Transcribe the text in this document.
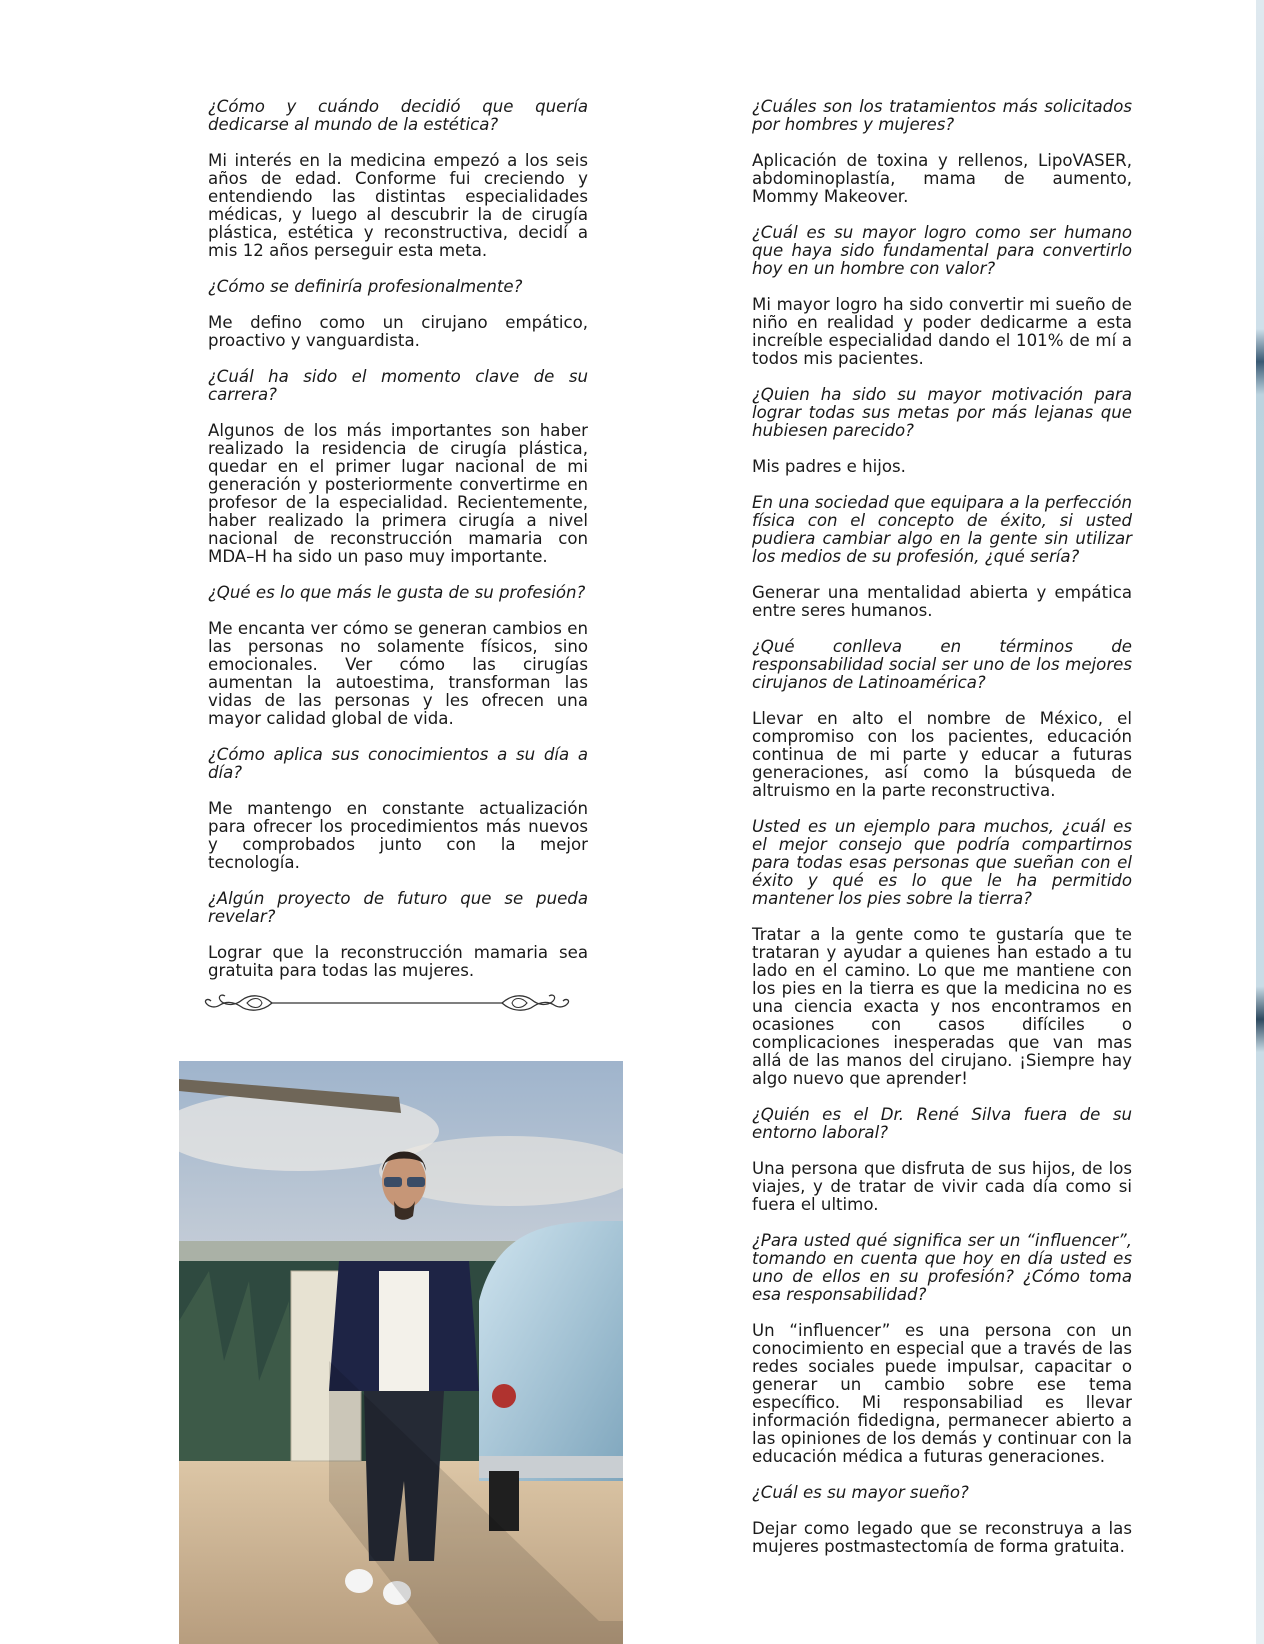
¿Cómo y cuándo decidió que quería dedicarse al mundo de la estética?

Mi interés en la medicina empezó a los seis años de edad. Conforme fui creciendo y entendiendo las distintas especialidades médicas, y luego al descubrir la de cirugía plástica, estética y reconstructiva, decidí a mis 12 años perseguir esta meta.

¿Cómo se definiría profesionalmente?

Me defino como un cirujano empático, proactivo y vanguardista.

¿Cuál ha sido el momento clave de su carrera?

Algunos de los más importantes son haber realizado la residencia de cirugía plástica, quedar en el primer lugar nacional de mi generación y posteriormente convertirme en profesor de la especialidad. Recientemente, haber realizado la primera cirugía a nivel nacional de reconstrucción mamaria con MDA–H ha sido un paso muy importante.

¿Qué es lo que más le gusta de su profesión?

Me encanta ver cómo se generan cambios en las personas no solamente físicos, sino emocionales. Ver cómo las cirugías aumentan la autoestima, transforman las vidas de las personas y les ofrecen una mayor calidad global de vida.

¿Cómo aplica sus conocimientos a su día a día?

Me mantengo en constante actualización para ofrecer los procedimientos más nuevos y comprobados junto con la mejor tecnología.

¿Algún proyecto de futuro que se pueda revelar?

Lograr que la reconstrucción mamaria sea gratuita para todas las mujeres.

¿Cuáles son los tratamientos más solicitados por hombres y mujeres?

Aplicación de toxina y rellenos, LipoVASER, abdominoplastía, mama de aumento, Mommy Makeover.

¿Cuál es su mayor logro como ser humano que haya sido fundamental para convertirlo hoy en un hombre con valor?

Mi mayor logro ha sido convertir mi sueño de niño en realidad y poder dedicarme a esta increíble especialidad dando el 101% de mí a todos mis pacientes.

¿Quien ha sido su mayor motivación para lograr todas sus metas por más lejanas que hubiesen parecido?

Mis padres e hijos.

En una sociedad que equipara a la perfección física con el concepto de éxito, si usted pudiera cambiar algo en la gente sin utilizar los medios de su profesión, ¿qué sería?

Generar una mentalidad abierta y empática entre seres humanos.

¿Qué conlleva en términos de responsabilidad social ser uno de los mejores cirujanos de Latinoamérica?

Llevar en alto el nombre de México, el compromiso con los pacientes, educación continua de mi parte y educar a futuras generaciones, así como la búsqueda de altruismo en la parte reconstructiva.

Usted es un ejemplo para muchos, ¿cuál es el mejor consejo que podría compartirnos para todas esas personas que sueñan con el éxito y qué es lo que le ha permitido mantener los pies sobre la tierra?

Tratar a la gente como te gustaría que te trataran y ayudar a quienes han estado a tu lado en el camino. Lo que me mantiene con los pies en la tierra es que la medicina no es una ciencia exacta y nos encontramos en ocasiones con casos difíciles o complicaciones inesperadas que van mas allá de las manos del cirujano. ¡Siempre hay algo nuevo que aprender!

¿Quién es el Dr. René Silva fuera de su entorno laboral?

Una persona que disfruta de sus hijos, de los viajes, y de tratar de vivir cada día como si fuera el ultimo.

¿Para usted qué significa ser un “influencer”, tomando en cuenta que hoy en día usted es uno de ellos en su profesión? ¿Cómo toma esa responsabilidad?

Un “influencer” es una persona con un conocimiento en especial que a través de las redes sociales puede impulsar, capacitar o generar un cambio sobre ese tema específico. Mi responsabiliad es llevar información fidedigna, permanecer abierto a las opiniones de los demás y continuar con la educación médica a futuras generaciones.

¿Cuál es su mayor sueño?

Dejar como legado que se reconstruya a las mujeres postmastectomía de forma gratuita.
